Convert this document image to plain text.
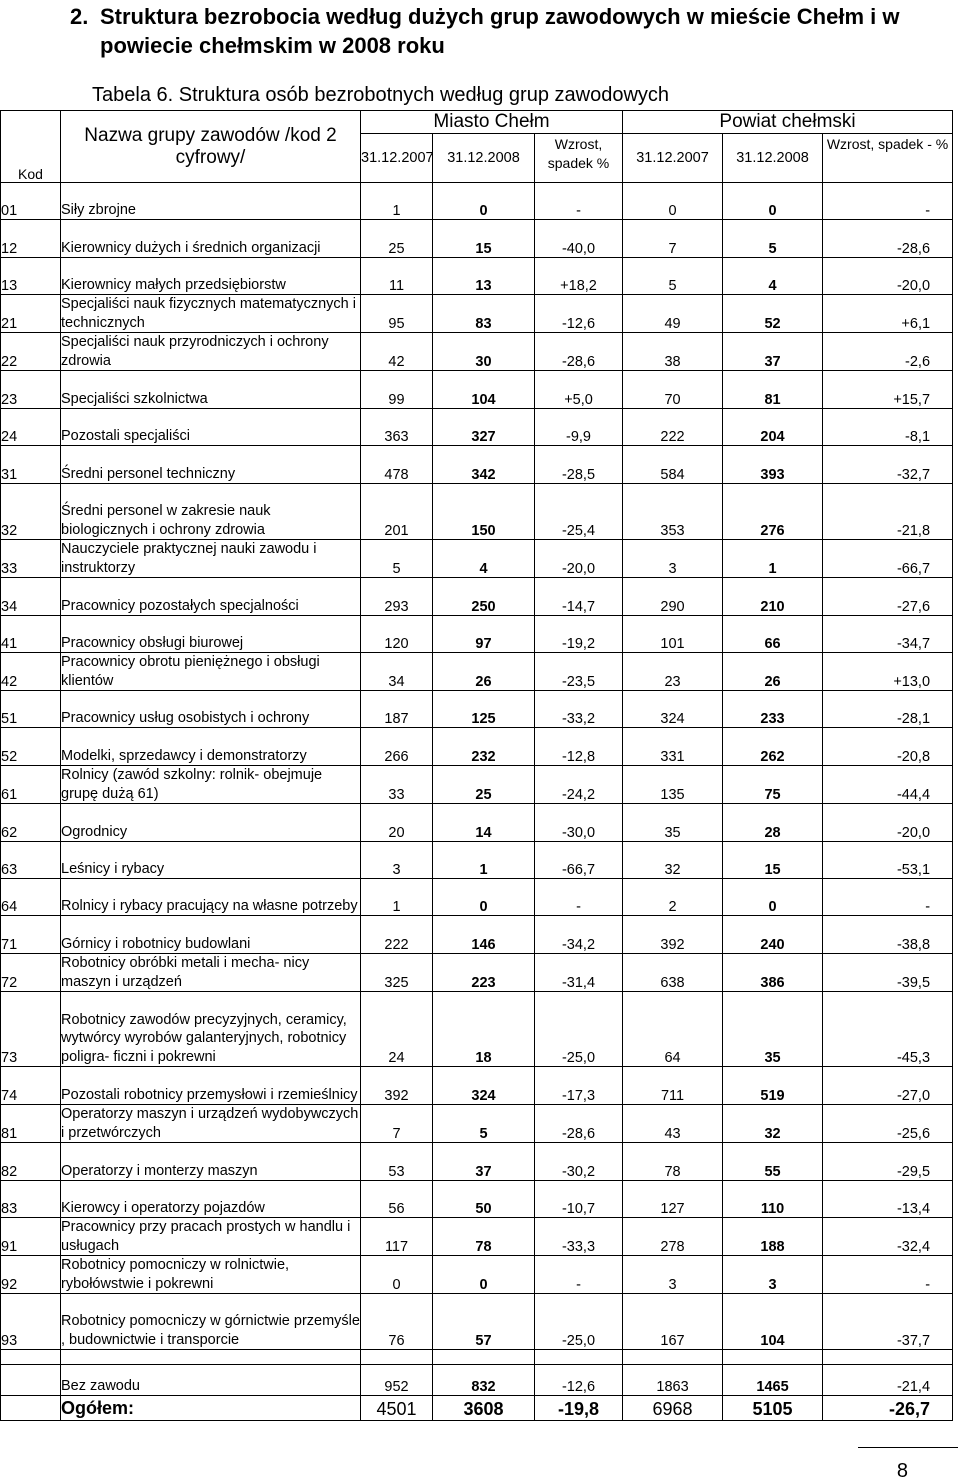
2. Struktura bezrobocia według dużych grup zawodowych w mieście Chełm i w powiecie chełmskim w 2008 roku
Tabela 6. Struktura osób bezrobotnych według grup zawodowych
Kod	Nazwa grupy zawodów /kod 2 cyfrowy/	Miasto Chełm			Powiat chełmski		
		31.12.2007	31.12.2008	Wzrost, spadek %	31.12.2007	31.12.2008	Wzrost, spadek - %
01	Siły zbrojne	1	0	-	0	0	-
12	Kierownicy dużych i średnich organizacji	25	15	-40,0	7	5	-28,6
13	Kierownicy małych przedsiębiorstw	11	13	+18,2	5	4	-20,0
21	Specjaliści nauk fizycznych matematycznych i technicznych	95	83	-12,6	49	52	+6,1
22	Specjaliści nauk przyrodniczych i ochrony zdrowia	42	30	-28,6	38	37	-2,6
23	Specjaliści szkolnictwa	99	104	+5,0	70	81	+15,7
24	Pozostali specjaliści	363	327	-9,9	222	204	-8,1
31	Średni personel techniczny	478	342	-28,5	584	393	-32,7
32	Średni personel w zakresie nauk biologicznych i ochrony zdrowia	201	150	-25,4	353	276	-21,8
33	Nauczyciele praktycznej nauki zawodu i instruktorzy	5	4	-20,0	3	1	-66,7
34	Pracownicy pozostałych specjalności	293	250	-14,7	290	210	-27,6
41	Pracownicy obsługi biurowej	120	97	-19,2	101	66	-34,7
42	Pracownicy obrotu pieniężnego i obsługi klientów	34	26	-23,5	23	26	+13,0
51	Pracownicy usług osobistych i ochrony	187	125	-33,2	324	233	-28,1
52	Modelki, sprzedawcy i demonstratorzy	266	232	-12,8	331	262	-20,8
61	Rolnicy (zawód szkolny: rolnik- obejmuje grupę dużą 61)	33	25	-24,2	135	75	-44,4
62	Ogrodnicy	20	14	-30,0	35	28	-20,0
63	Leśnicy i rybacy	3	1	-66,7	32	15	-53,1
64	Rolnicy i rybacy pracujący na własne potrzeby	1	0	-	2	0	-
71	Górnicy i robotnicy budowlani	222	146	-34,2	392	240	-38,8
72	Robotnicy obróbki metali i mecha- nicy maszyn i urządzeń	325	223	-31,4	638	386	-39,5
73	Robotnicy zawodów precyzyjnych, ceramicy, wytwórcy wyrobów galanteryjnych, robotnicy poligra- ficzni i pokrewni	24	18	-25,0	64	35	-45,3
74	Pozostali robotnicy przemysłowi i rzemieślnicy	392	324	-17,3	711	519	-27,0
81	Operatorzy maszyn i urządzeń wydobywczych i przetwórczych	7	5	-28,6	43	32	-25,6
82	Operatorzy i monterzy maszyn	53	37	-30,2	78	55	-29,5
83	Kierowcy i operatorzy pojazdów	56	50	-10,7	127	110	-13,4
91	Pracownicy przy pracach prostych w handlu i usługach	117	78	-33,3	278	188	-32,4
92	Robotnicy pomocniczy w rolnictwie, rybołówstwie i pokrewni	0	0	-	3	3	-
93	Robotnicy pomocniczy w górnictwie przemyśle , budownictwie i transporcie	76	57	-25,0	167	104	-37,7

	Bez zawodu	952	832	-12,6	1863	1465	-21,4
	Ogółem:	4501	3608	-19,8	6968	5105	-26,7
8
